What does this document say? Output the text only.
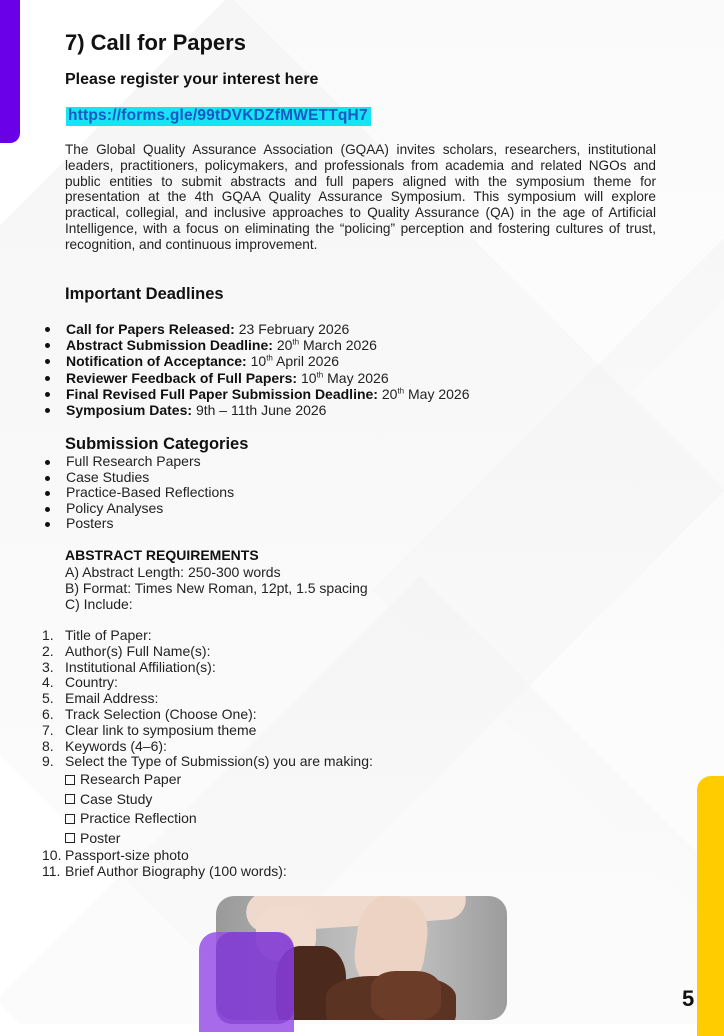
5
7) Call for Papers
Please register your interest here
https://forms.gle/99tDVKDZfMWETTqH7
The Global Quality Assurance Association (GQAA) invites scholars, researchers, institutional leaders, practitioners, policymakers, and professionals from academia and related NGOs and public entities to submit abstracts and full papers aligned with the symposium theme for presentation at the 4th GQAA Quality Assurance Symposium. This symposium will explore practical, collegial, and inclusive approaches to Quality Assurance (QA) in the age of Artificial Intelligence, with a focus on eliminating the “policing” perception and fostering cultures of trust, recognition, and continuous improvement.
Important Deadlines
Call for Papers Released: 23 February 2026
Abstract Submission Deadline: 20th March 2026
Notification of Acceptance: 10th April 2026
Reviewer Feedback of Full Papers: 10th May 2026
Final Revised Full Paper Submission Deadline: 20th May 2026
Symposium Dates: 9th – 11th June 2026
Submission Categories
Full Research Papers
Case Studies
Practice-Based Reflections
Policy Analyses
Posters
ABSTRACT REQUIREMENTS
A) Abstract Length: 250-300 words
B) Format: Times New Roman, 12pt, 1.5 spacing
C) Include:
1. Title of Paper:
2. Author(s) Full Name(s):
3. Institutional Affiliation(s):
4. Country:
5. Email Address:
6. Track Selection (Choose One):
7. Clear link to symposium theme
8. Keywords (4–6):
9. Select the Type of Submission(s) you are making:
Research Paper
Case Study
Practice Reflection
Poster
10. Passport-size photo
11. Brief Author Biography (100 words):
